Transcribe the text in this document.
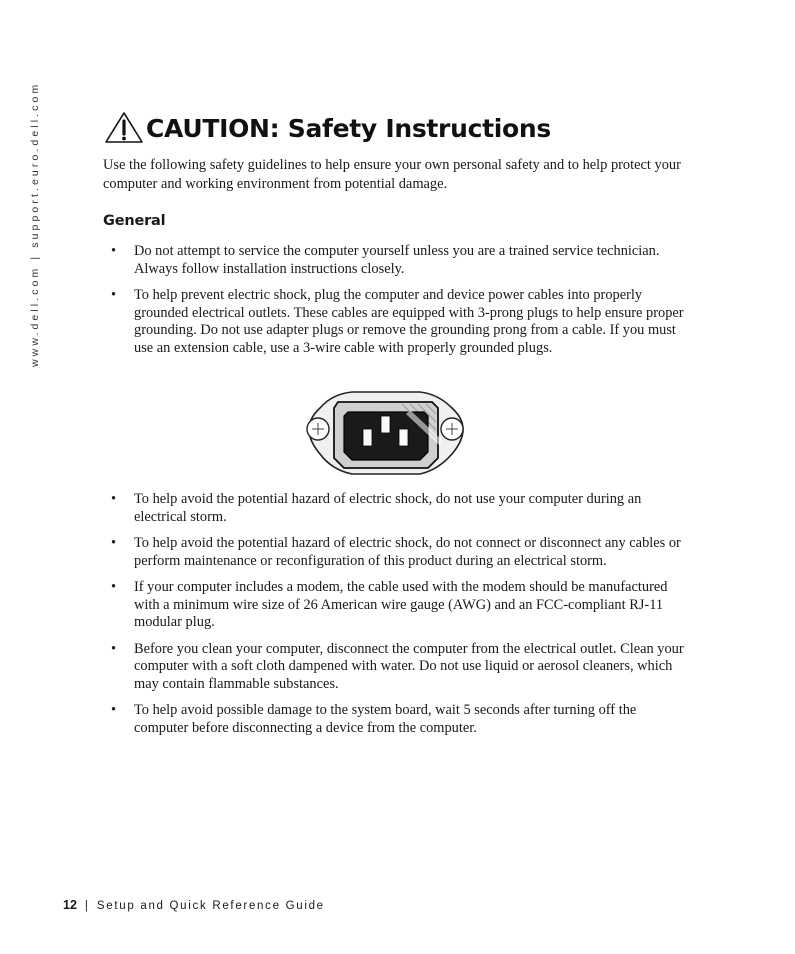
www.dell.com | support.euro.dell.com	CAUTION: Safety Instructions

Use the following safety guidelines to help ensure your own personal safety and to help protect your computer and working environment from potential damage.

General
• Do not attempt to service the computer yourself unless you are a trained service technician. Always follow installation instructions closely.
• To help prevent electric shock, plug the computer and device power cables into properly grounded electrical outlets. These cables are equipped with 3-prong plugs to help ensure proper grounding. Do not use adapter plugs or remove the grounding prong from a cable. If you must use an extension cable, use a 3-wire cable with properly grounded plugs.
• To help avoid the potential hazard of electric shock, do not use your computer during an electrical storm.
• To help avoid the potential hazard of electric shock, do not connect or disconnect any cables or perform maintenance or reconfiguration of this product during an electrical storm.
• If your computer includes a modem, the cable used with the modem should be manufactured with a minimum wire size of 26 American wire gauge (AWG) and an FCC-compliant RJ-11 modular plug.
• Before you clean your computer, disconnect the computer from the electrical outlet. Clean your computer with a soft cloth dampened with water. Do not use liquid or aerosol cleaners, which may contain flammable substances.
• To help avoid possible damage to the system board, wait 5 seconds after turning off the computer before disconnecting a device from the computer.
12 | Setup and Quick Reference Guide
